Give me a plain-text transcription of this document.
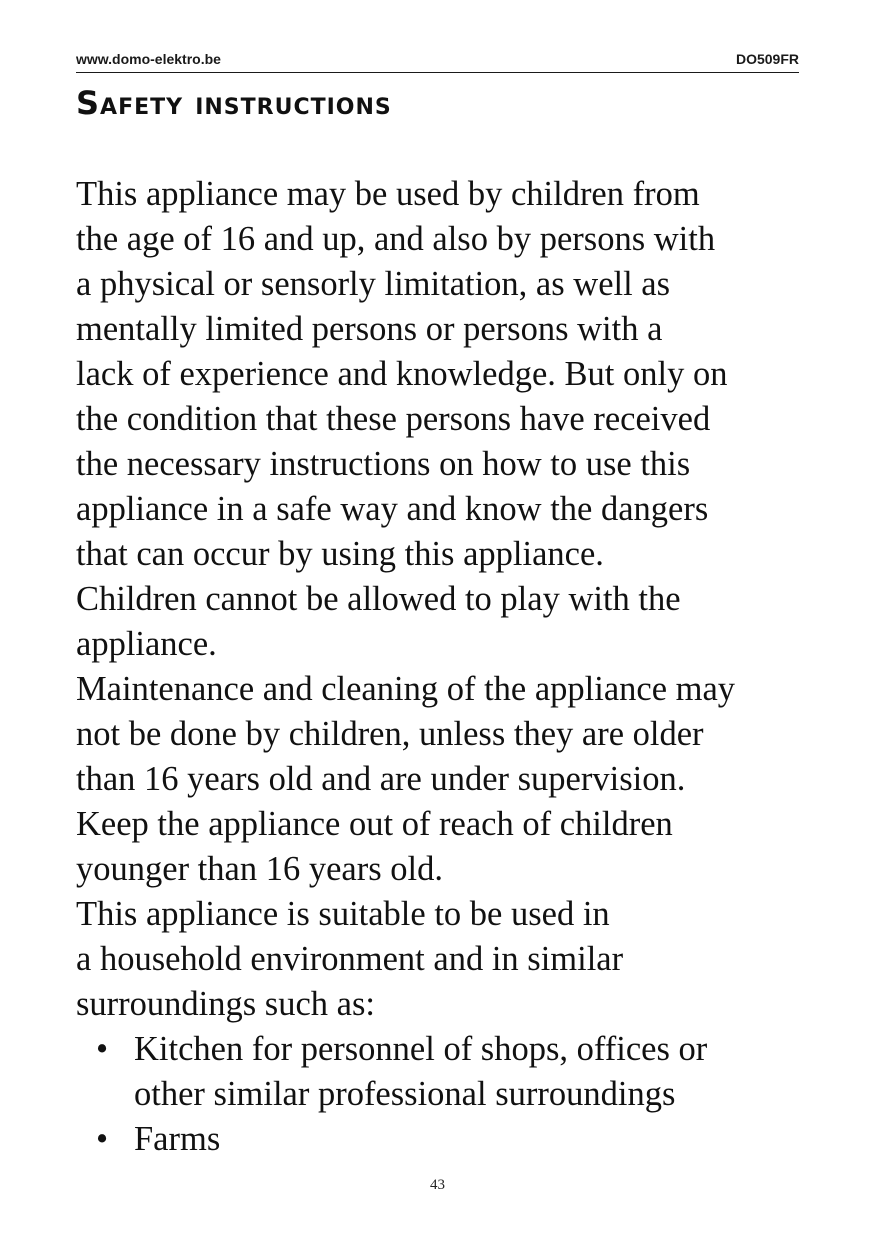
www.domo-elektro.be	DO509FR
Safety instructions
This appliance may be used by children from
the age of 16 and up, and also by persons with
a physical or sensorly limitation, as well as
mentally limited persons or persons with a
lack of experience and knowledge. But only on
the condition that these persons have received
the necessary instructions on how to use this
appliance in a safe way and know the dangers
that can occur by using this appliance.
Children cannot be allowed to play with the
appliance.
Maintenance and cleaning of the appliance may
not be done by children, unless they are older
than 16 years old and are under supervision.
Keep the appliance out of reach of children
younger than 16 years old.
This appliance is suitable to be used in
a household environment and in similar
surroundings such as:
• Kitchen for personnel of shops, offices or
other similar professional surroundings
• Farms
43
